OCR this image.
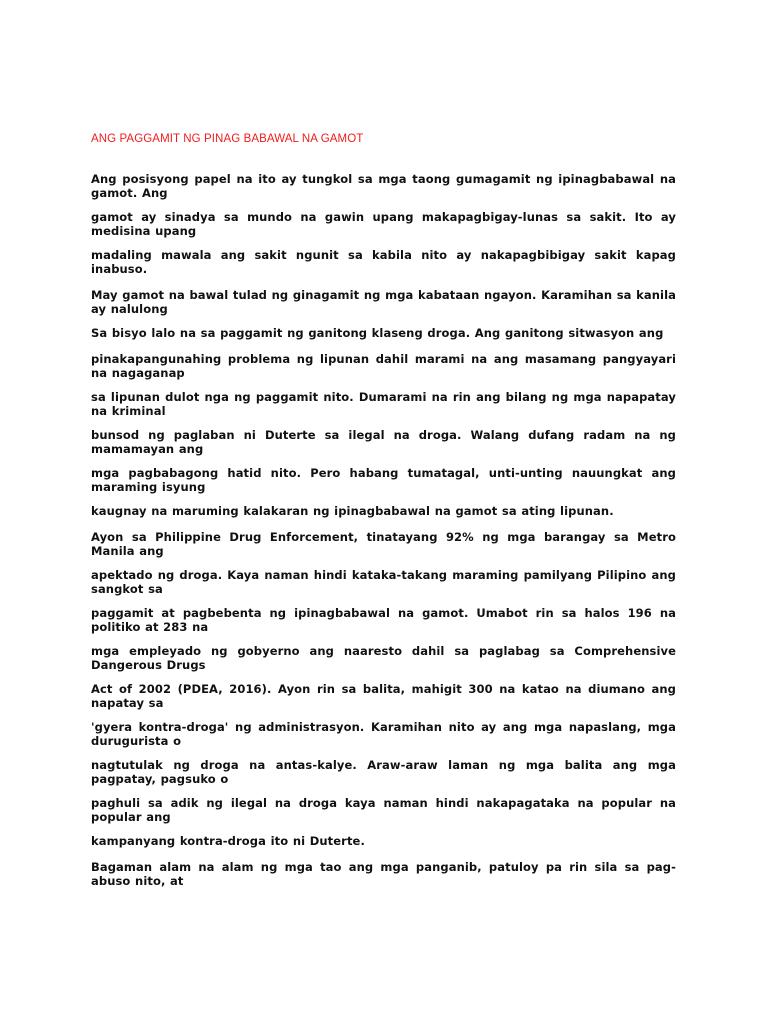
ANG PAGGAMIT NG PINAG BABAWAL NA GAMOT

Ang posisyong papel na ito ay tungkol sa mga taong gumagamit ng ipinagbabawal na gamot. Ang

gamot ay sinadya sa mundo na gawin upang makapagbigay-lunas sa sakit. Ito ay medisina upang

madaling mawala ang sakit ngunit sa kabila nito ay nakapagbibigay sakit kapag inabuso.

May gamot na bawal tulad ng ginagamit ng mga kabataan ngayon. Karamihan sa kanila ay nalulong

Sa bisyo lalo na sa paggamit ng ganitong klaseng droga. Ang ganitong sitwasyon ang

pinakapangunahing problema ng lipunan dahil marami na ang masamang pangyayari na nagaganap

sa lipunan dulot nga ng paggamit nito. Dumarami na rin ang bilang ng mga napapatay na kriminal

bunsod ng paglaban ni Duterte sa ilegal na droga. Walang dufang radam na ng mamamayan ang

mga pagbabagong hatid nito. Pero habang tumatagal, unti-unting nauungkat ang maraming isyung

kaugnay na maruming kalakaran ng ipinagbabawal na gamot sa ating lipunan.

Ayon sa Philippine Drug Enforcement, tinatayang 92% ng mga barangay sa Metro Manila ang

apektado ng droga. Kaya naman hindi kataka-takang maraming pamilyang Pilipino ang sangkot sa

paggamit at pagbebenta ng ipinagbabawal na gamot. Umabot rin sa halos 196 na politiko at 283 na

mga empleyado ng gobyerno ang naaresto dahil sa paglabag sa Comprehensive Dangerous Drugs

Act of 2002 (PDEA, 2016). Ayon rin sa balita, mahigit 300 na katao na diumano ang napatay sa

'gyera kontra-droga' ng administrasyon. Karamihan nito ay ang mga napaslang, mga durugurista o

nagtutulak ng droga na antas-kalye. Araw-araw laman ng mga balita ang mga pagpatay, pagsuko o

paghuli sa adik ng ilegal na droga kaya naman hindi nakapagataka na popular na popular ang

kampanyang kontra-droga ito ni Duterte.

Bagaman alam na alam ng mga tao ang mga panganib, patuloy pa rin sila sa pag-abuso nito, at
